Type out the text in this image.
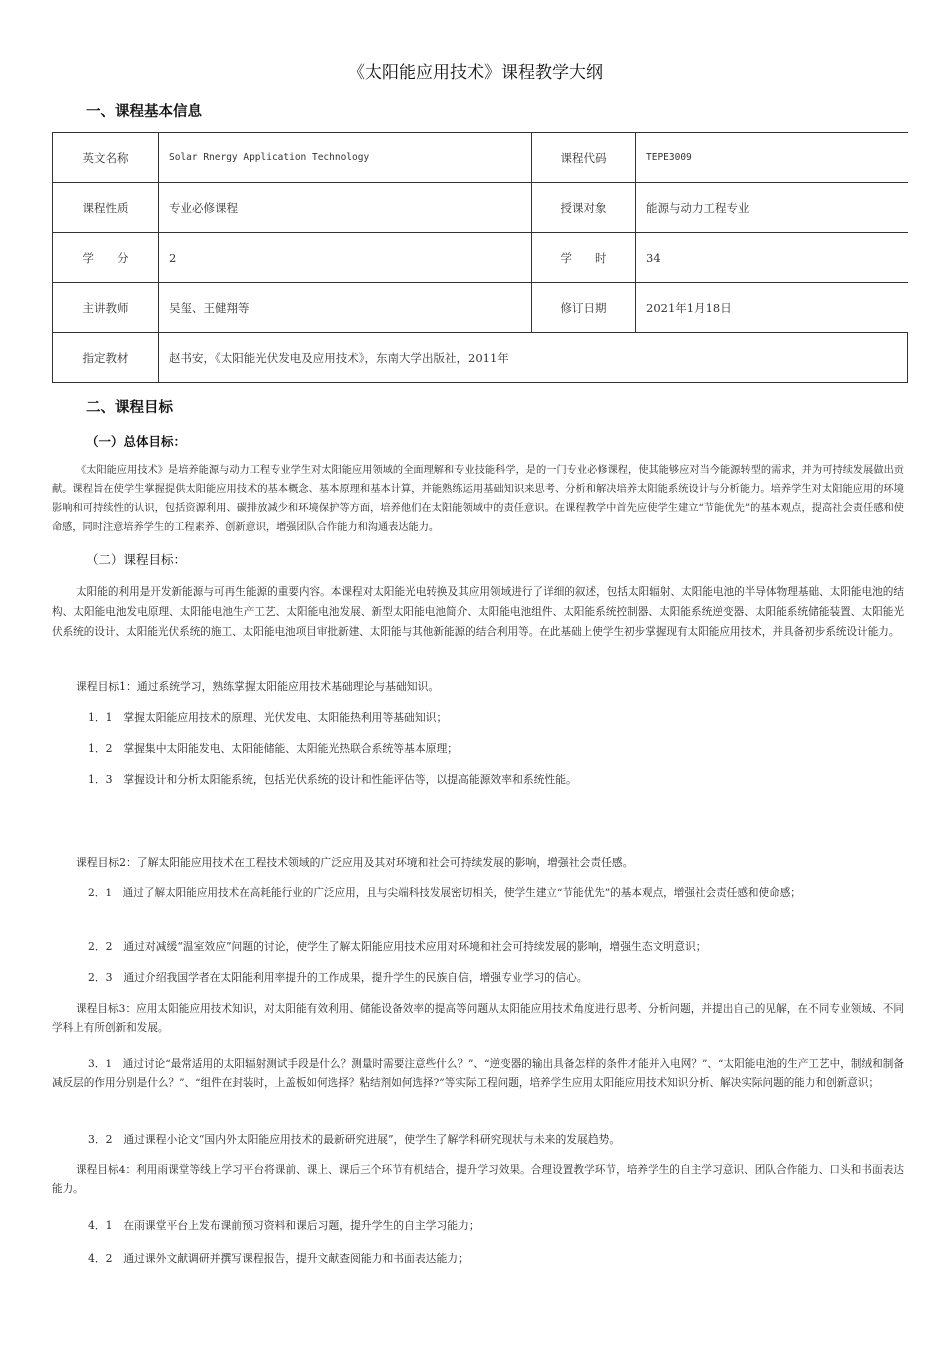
《太阳能应用技术》课程教学大纲
一、课程基本信息
英文名称	Solar Rnergy Application Technology	课程代码	TEPE3009
课程性质	专业必修课程	授课对象	能源与动力工程专业
学　　分	2	学　　时	34
主讲教师	吴玺、王健翔等	修订日期	2021年1月18日
指定教材	赵书安，《太阳能光伏发电及应用技术》，东南大学出版社，2011年		
二、课程目标
（一）总体目标：
《太阳能应用技术》是培养能源与动力工程专业学生对太阳能应用领域的全面理解和专业技能科学，是的一门专业必修课程，使其能够应对当今能源转型的需求，并为可持续发展做出贡献。课程旨在使学生掌握提供太阳能应用技术的基本概念、基本原理和基本计算，并能熟练运用基础知识来思考、分析和解决培养太阳能系统设计与分析能力。培养学生对太阳能应用的环境影响和可持续性的认识，包括资源利用、碳排放减少和环境保护等方面，培养他们在太阳能领域中的责任意识。在课程教学中首先应使学生建立“节能优先”的基本观点，提高社会责任感和使命感，同时注意培养学生的工程素养、创新意识，增强团队合作能力和沟通表达能力。
（二）课程目标：
太阳能的利用是开发新能源与可再生能源的重要内容。本课程对太阳能光电转换及其应用领域进行了详细的叙述，包括太阳辐射、太阳能电池的半导体物理基础、太阳能电池的结构、太阳能电池发电原理、太阳能电池生产工艺、太阳能电池发展、新型太阳能电池简介、太阳能电池组件、太阳能系统控制器、太阳能系统逆变器、太阳能系统储能装置、太阳能光伏系统的设计、太阳能光伏系统的施工、太阳能电池项目审批新建、太阳能与其他新能源的结合利用等。在此基础上使学生初步掌握现有太阳能应用技术，并具备初步系统设计能力。
课程目标1：通过系统学习，熟练掌握太阳能应用技术基础理论与基础知识。
1．1　掌握太阳能应用技术的原理、光伏发电、太阳能热利用等基础知识；
1．2　掌握集中太阳能发电、太阳能储能、太阳能光热联合系统等基本原理；
1．3　掌握设计和分析太阳能系统，包括光伏系统的设计和性能评估等，以提高能源效率和系统性能。
课程目标2：了解太阳能应用技术在工程技术领域的广泛应用及其对环境和社会可持续发展的影响，增强社会责任感。
2．1　通过了解太阳能应用技术在高耗能行业的广泛应用，且与尖端科技发展密切相关，使学生建立“节能优先”的基本观点，增强社会责任感和使命感；
2．2　通过对减缓“温室效应”问题的讨论，使学生了解太阳能应用技术应用对环境和社会可持续发展的影响，增强生态文明意识；
2．3　通过介绍我国学者在太阳能利用率提升的工作成果，提升学生的民族自信，增强专业学习的信心。
课程目标3：应用太阳能应用技术知识，对太阳能有效利用、储能设备效率的提高等问题从太阳能应用技术角度进行思考、分析问题，并提出自己的见解，在不同专业领域、不同学科上有所创新和发展。
3．1　通过讨论“最常适用的太阳辐射测试手段是什么？测量时需要注意些什么？”、“逆变器的输出具备怎样的条件才能并入电网？”、“太阳能电池的生产工艺中，制绒和制备减反层的作用分别是什么？”、“组件在封装时，上盖板如何选择？粘结剂如何选择?”等实际工程问题，培养学生应用太阳能应用技术知识分析、解决实际问题的能力和创新意识；
3．2　通过课程小论文“国内外太阳能应用技术的最新研究进展”，使学生了解学科研究现状与未来的发展趋势。
课程目标4：利用雨课堂等线上学习平台将课前、课上、课后三个环节有机结合，提升学习效果。合理设置教学环节，培养学生的自主学习意识、团队合作能力、口头和书面表达能力。
4．1　在雨课堂平台上发布课前预习资料和课后习题，提升学生的自主学习能力；
4．2　通过课外文献调研并撰写课程报告，提升文献查阅能力和书面表达能力；
